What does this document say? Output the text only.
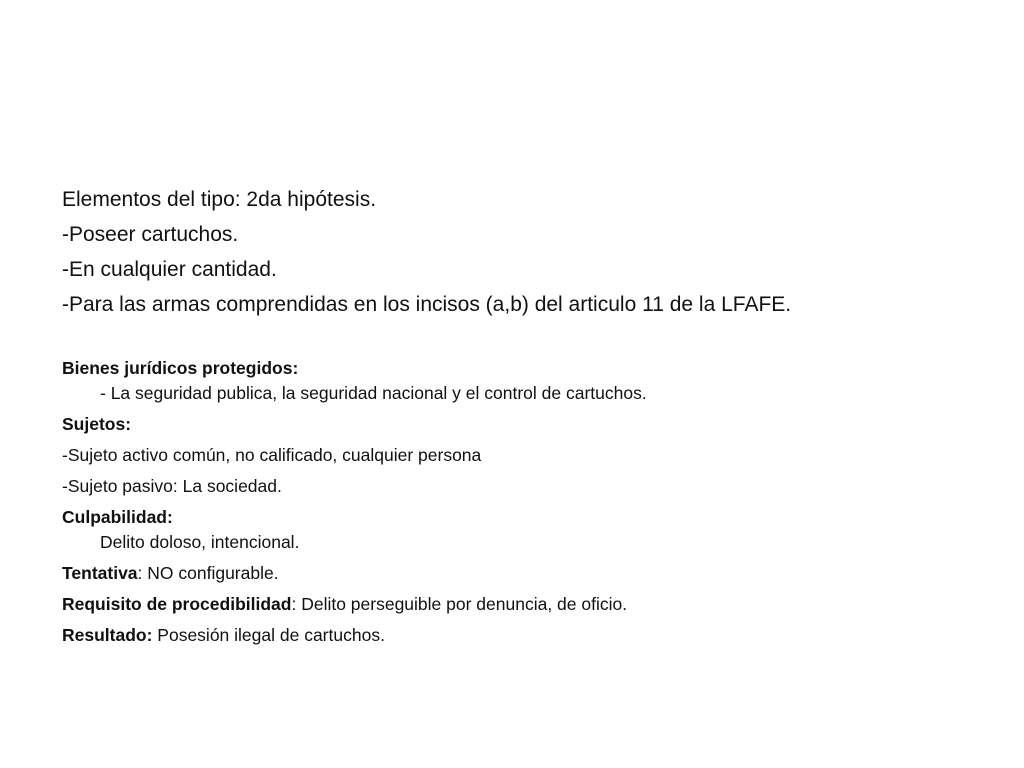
Elementos del tipo: 2da hipótesis.
-Poseer cartuchos.
-En cualquier cantidad.
-Para las armas comprendidas en los incisos (a,b) del articulo 11 de la LFAFE.
Bienes jurídicos protegidos:
- La seguridad publica, la seguridad nacional y el control de cartuchos.
Sujetos:
-Sujeto activo común, no calificado, cualquier persona
-Sujeto pasivo: La sociedad.
Culpabilidad:
Delito doloso, intencional.
Tentativa: NO configurable.
Requisito de procedibilidad: Delito perseguible por denuncia, de oficio.
Resultado: Posesión ilegal de cartuchos.
